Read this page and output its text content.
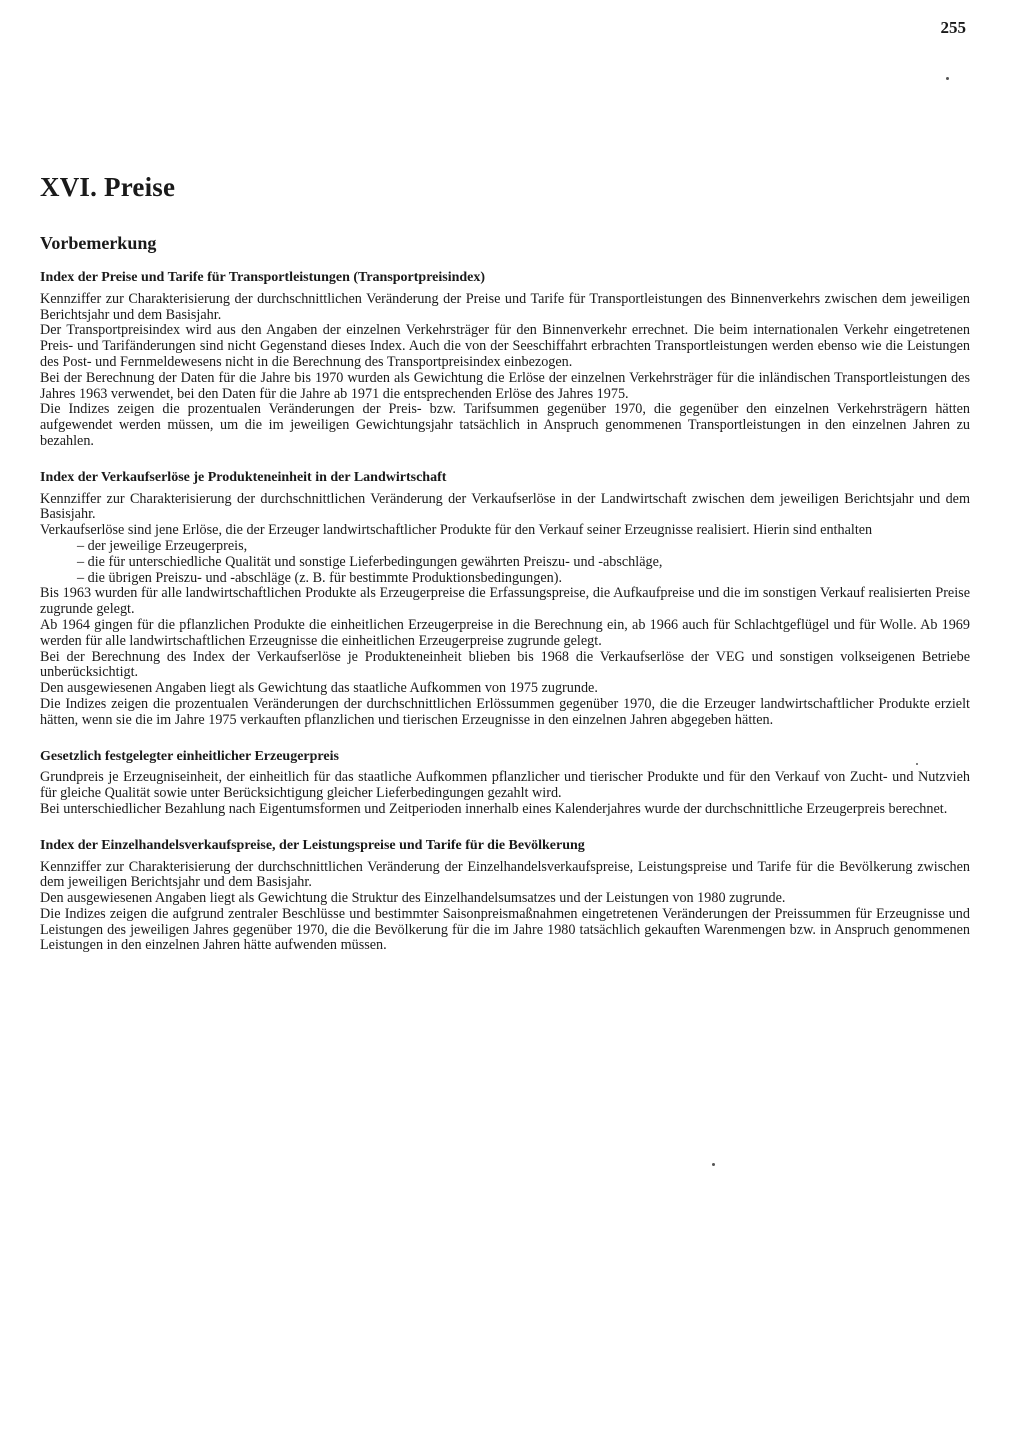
255
XVI. Preise
Vorbemerkung
Index der Preise und Tarife für Transportleistungen (Transportpreisindex)

Kennziffer zur Charakterisierung der durchschnittlichen Veränderung der Preise und Tarife für Transportleistungen des Binnenverkehrs zwischen dem jeweiligen Berichtsjahr und dem Basisjahr.

Der Transportpreisindex wird aus den Angaben der einzelnen Verkehrsträger für den Binnenverkehr errechnet. Die beim internationalen Verkehr eingetretenen Preis- und Tarifänderungen sind nicht Gegenstand dieses Index. Auch die von der Seeschiffahrt erbrachten Transportleistungen werden ebenso wie die Leistungen des Post- und Fernmeldewesens nicht in die Berechnung des Transportpreisindex einbezogen.

Bei der Berechnung der Daten für die Jahre bis 1970 wurden als Gewichtung die Erlöse der einzelnen Verkehrsträger für die inländischen Transportleistungen des Jahres 1963 verwendet, bei den Daten für die Jahre ab 1971 die entsprechenden Erlöse des Jahres 1975.

Die Indizes zeigen die prozentualen Veränderungen der Preis- bzw. Tarifsummen gegenüber 1970, die gegenüber den einzelnen Verkehrsträgern hätten aufgewendet werden müssen, um die im jeweiligen Gewichtungsjahr tatsächlich in Anspruch genommenen Transportleistungen in den einzelnen Jahren zu bezahlen.

Index der Verkaufserlöse je Produkteneinheit in der Landwirtschaft

Kennziffer zur Charakterisierung der durchschnittlichen Veränderung der Verkaufserlöse in der Landwirtschaft zwischen dem jeweiligen Berichtsjahr und dem Basisjahr.

Verkaufserlöse sind jene Erlöse, die der Erzeuger landwirtschaftlicher Produkte für den Verkauf seiner Erzeugnisse realisiert. Hierin sind enthalten

– der jeweilige Erzeugerpreis,
– die für unterschiedliche Qualität und sonstige Lieferbedingungen gewährten Preiszu- und -abschläge,
– die übrigen Preiszu- und -abschläge (z. B. für bestimmte Produktionsbedingungen).

Bis 1963 wurden für alle landwirtschaftlichen Produkte als Erzeugerpreise die Erfassungspreise, die Aufkaufpreise und die im sonstigen Verkauf realisierten Preise zugrunde gelegt.

Ab 1964 gingen für die pflanzlichen Produkte die einheitlichen Erzeugerpreise in die Berechnung ein, ab 1966 auch für Schlachtgeflügel und für Wolle. Ab 1969 werden für alle landwirtschaftlichen Erzeugnisse die einheitlichen Erzeugerpreise zugrunde gelegt.

Bei der Berechnung des Index der Verkaufserlöse je Produkteneinheit blieben bis 1968 die Verkaufserlöse der VEG und sonstigen volkseigenen Betriebe unberücksichtigt.

Den ausgewiesenen Angaben liegt als Gewichtung das staatliche Aufkommen von 1975 zugrunde.

Die Indizes zeigen die prozentualen Veränderungen der durchschnittlichen Erlössummen gegenüber 1970, die die Erzeuger landwirtschaftlicher Produkte erzielt hätten, wenn sie die im Jahre 1975 verkauften pflanzlichen und tierischen Erzeugnisse in den einzelnen Jahren abgegeben hätten.

Gesetzlich festgelegter einheitlicher Erzeugerpreis

Grundpreis je Erzeugniseinheit, der einheitlich für das staatliche Aufkommen pflanzlicher und tierischer Produkte und für den Verkauf von Zucht- und Nutzvieh für gleiche Qualität sowie unter Berücksichtigung gleicher Lieferbedingungen gezahlt wird.

Bei unterschiedlicher Bezahlung nach Eigentumsformen und Zeitperioden innerhalb eines Kalenderjahres wurde der durchschnittliche Erzeugerpreis berechnet.

Index der Einzelhandelsverkaufspreise, der Leistungspreise und Tarife für die Bevölkerung

Kennziffer zur Charakterisierung der durchschnittlichen Veränderung der Einzelhandelsverkaufspreise, Leistungspreise und Tarife für die Bevölkerung zwischen dem jeweiligen Berichtsjahr und dem Basisjahr.

Den ausgewiesenen Angaben liegt als Gewichtung die Struktur des Einzelhandelsumsatzes und der Leistungen von 1980 zugrunde.

Die Indizes zeigen die aufgrund zentraler Beschlüsse und bestimmter Saisonpreismaßnahmen eingetretenen Veränderungen der Preissummen für Erzeugnisse und Leistungen des jeweiligen Jahres gegenüber 1970, die die Bevölkerung für die im Jahre 1980 tatsächlich gekauften Warenmengen bzw. in Anspruch genommenen Leistungen in den einzelnen Jahren hätte aufwenden müssen.
